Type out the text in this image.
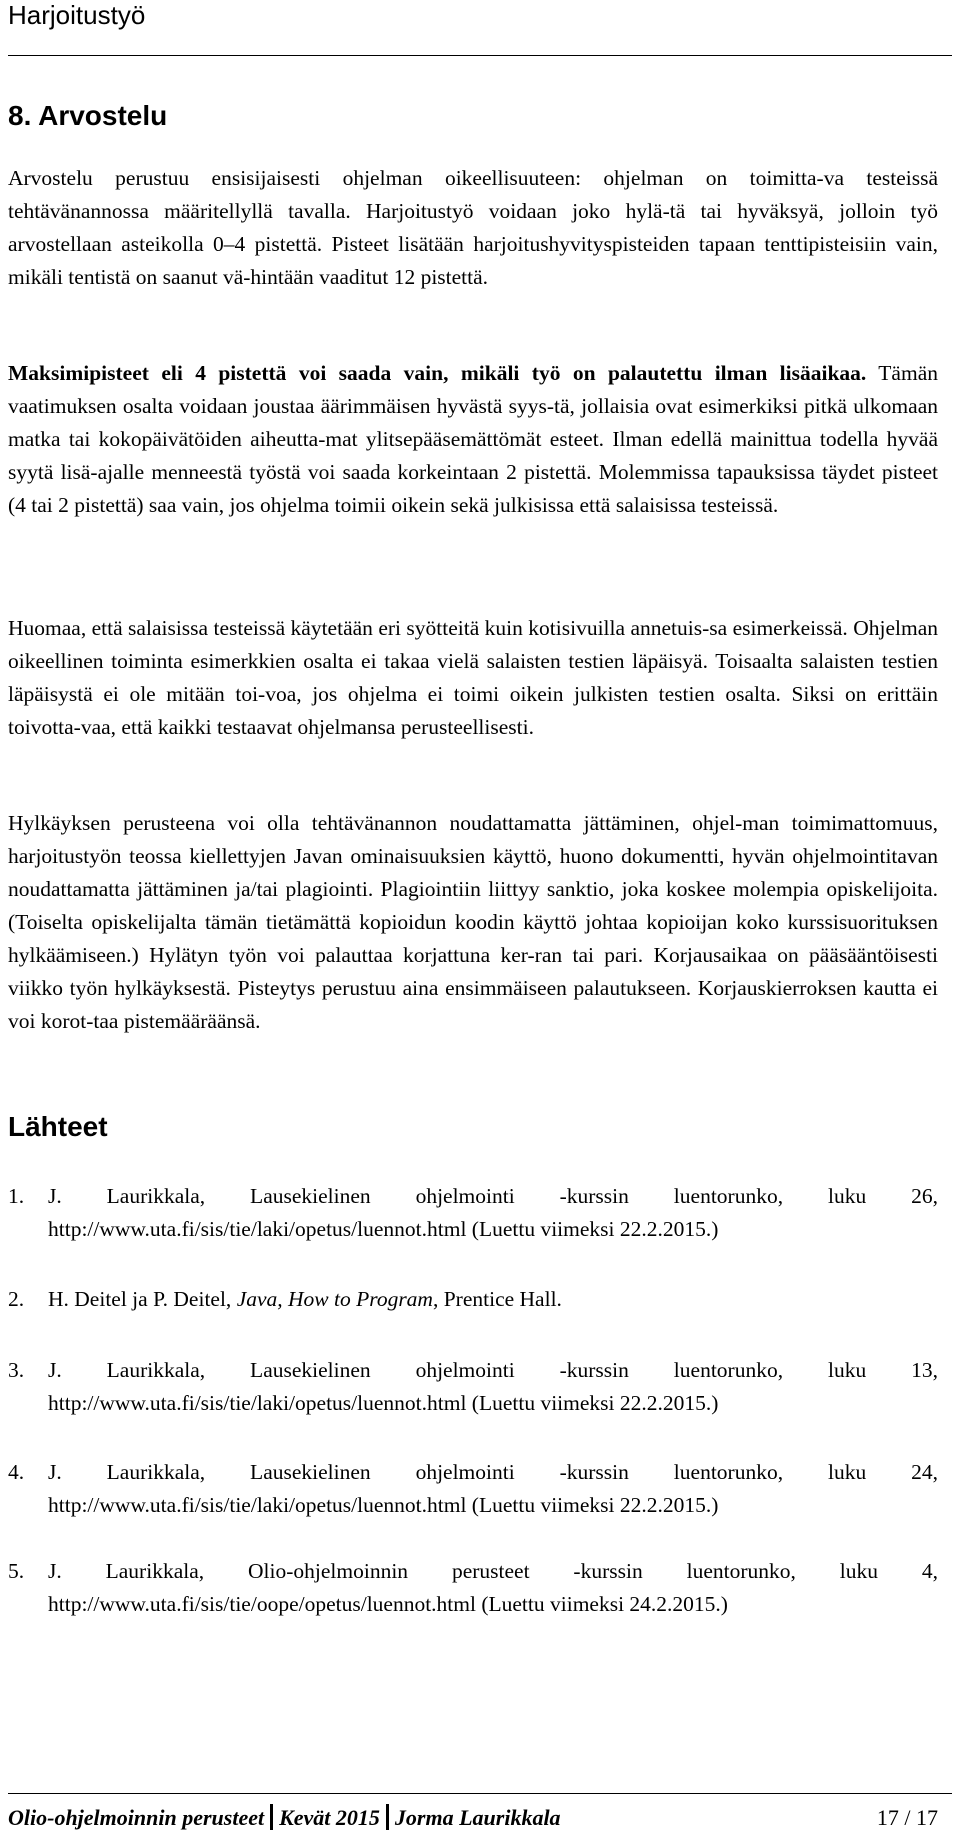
Harjoitustyö
8. Arvostelu
Arvostelu perustuu ensisijaisesti ohjelman oikeellisuuteen: ohjelman on toimitta-va testeissä tehtävänannossa määritellyllä tavalla. Harjoitustyö voidaan joko hylä-tä tai hyväksyä, jolloin työ arvostellaan asteikolla 0–4 pistettä. Pisteet lisätään harjoitushyvityspisteiden tapaan tenttipisteisiin vain, mikäli tentistä on saanut vä-hintään vaaditut 12 pistettä.
Maksimipisteet eli 4 pistettä voi saada vain, mikäli työ on palautettu ilman lisäaikaa. Tämän vaatimuksen osalta voidaan joustaa äärimmäisen hyvästä syys-tä, jollaisia ovat esimerkiksi pitkä ulkomaan matka tai kokopäivätöiden aiheutta-mat ylitsepääsemättömät esteet. Ilman edellä mainittua todella hyvää syytä lisä-ajalle menneestä työstä voi saada korkeintaan 2 pistettä. Molemmissa tapauksissa täydet pisteet (4 tai 2 pistettä) saa vain, jos ohjelma toimii oikein sekä julkisissa että salaisissa testeissä.
Huomaa, että salaisissa testeissä käytetään eri syötteitä kuin kotisivuilla annetuis-sa esimerkeissä. Ohjelman oikeellinen toiminta esimerkkien osalta ei takaa vielä salaisten testien läpäisyä. Toisaalta salaisten testien läpäisystä ei ole mitään toi-voa, jos ohjelma ei toimi oikein julkisten testien osalta. Siksi on erittäin toivotta-vaa, että kaikki testaavat ohjelmansa perusteellisesti.
Hylkäyksen perusteena voi olla tehtävänannon noudattamatta jättäminen, ohjel-man toimimattomuus, harjoitustyön teossa kiellettyjen Javan ominaisuuksien käyttö, huono dokumentti, hyvän ohjelmointitavan noudattamatta jättäminen ja/tai plagiointi. Plagiointiin liittyy sanktio, joka koskee molempia opiskelijoita. (Toiselta opiskelijalta tämän tietämättä kopioidun koodin käyttö johtaa kopioijan koko kurssisuorituksen hylkäämiseen.) Hylätyn työn voi palauttaa korjattuna ker-ran tai pari. Korjausaikaa on pääsääntöisesti viikko työn hylkäyksestä. Pisteytys perustuu aina ensimmäiseen palautukseen. Korjauskierroksen kautta ei voi korot-taa pistemääräänsä.
Lähteet
1. J. Laurikkala, Lausekielinen ohjelmointi -kurssin luentorunko, luku 26, http://www.uta.fi/sis/tie/laki/opetus/luennot.html (Luettu viimeksi 22.2.2015.)
2. H. Deitel ja P. Deitel, Java, How to Program, Prentice Hall.
3. J. Laurikkala, Lausekielinen ohjelmointi -kurssin luentorunko, luku 13, http://www.uta.fi/sis/tie/laki/opetus/luennot.html (Luettu viimeksi 22.2.2015.)
4. J. Laurikkala, Lausekielinen ohjelmointi -kurssin luentorunko, luku 24, http://www.uta.fi/sis/tie/laki/opetus/luennot.html (Luettu viimeksi 22.2.2015.)
5. J. Laurikkala, Olio-ohjelmoinnin perusteet -kurssin luentorunko, luku 4, http://www.uta.fi/sis/tie/oope/opetus/luennot.html (Luettu viimeksi 24.2.2015.)
Olio-ohjelmoinnin perusteet Kevät 2015 Jorma Laurikkala	17 / 17
